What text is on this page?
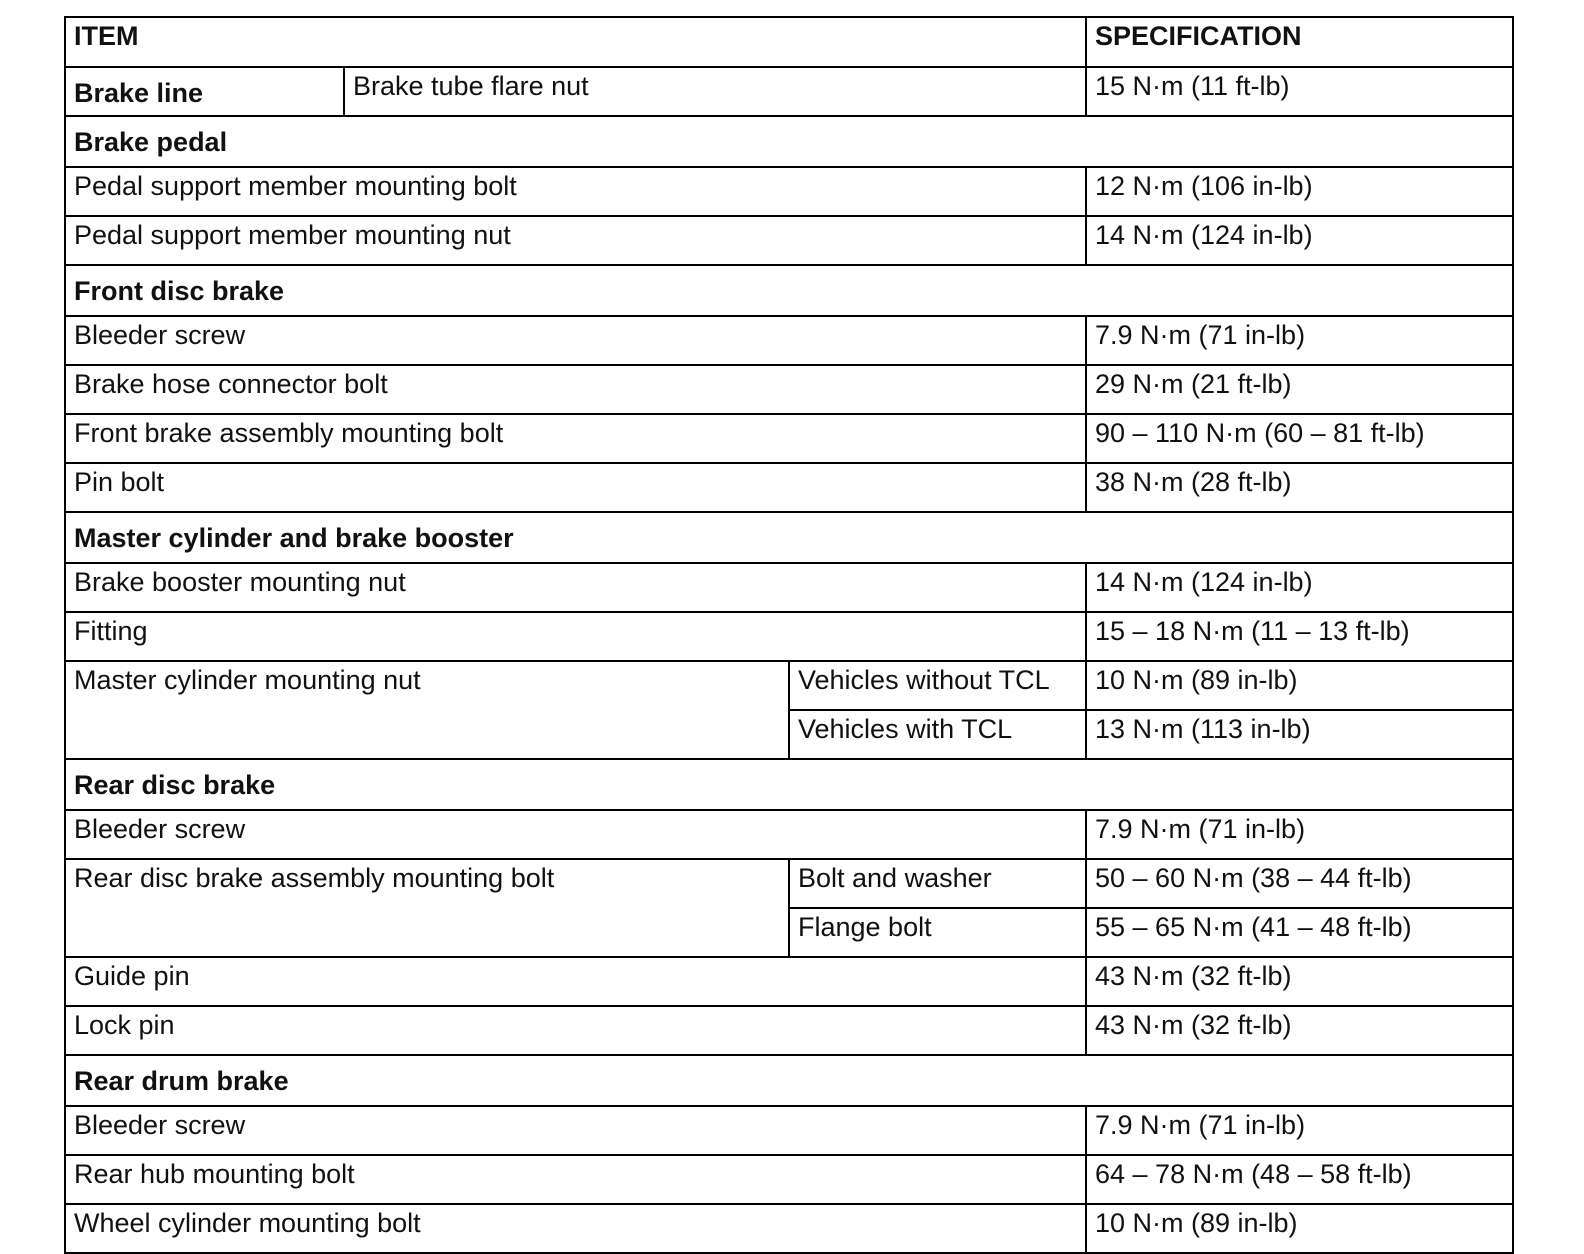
ITEM			SPECIFICATION
Brake line	Brake tube flare nut		15 N·m (11 ft-lb)
Brake pedal			
Pedal support member mounting bolt			12 N·m (106 in-lb)
Pedal support member mounting nut			14 N·m (124 in-lb)
Front disc brake			
Bleeder screw			7.9 N·m (71 in-lb)
Brake hose connector bolt			29 N·m (21 ft-lb)
Front brake assembly mounting bolt			90 – 110 N·m (60 – 81 ft-lb)
Pin bolt			38 N·m (28 ft-lb)
Master cylinder and brake booster			
Brake booster mounting nut			14 N·m (124 in-lb)
Fitting			15 – 18 N·m (11 – 13 ft-lb)
Master cylinder mounting nut		Vehicles without TCL	10 N·m (89 in-lb)
		Vehicles with TCL	13 N·m (113 in-lb)
Rear disc brake			
Bleeder screw			7.9 N·m (71 in-lb)
Rear disc brake assembly mounting bolt		Bolt and washer	50 – 60 N·m (38 – 44 ft-lb)
		Flange bolt	55 – 65 N·m (41 – 48 ft-lb)
Guide pin			43 N·m (32 ft-lb)
Lock pin			43 N·m (32 ft-lb)
Rear drum brake			
Bleeder screw			7.9 N·m (71 in-lb)
Rear hub mounting bolt			64 – 78 N·m (48 – 58 ft-lb)
Wheel cylinder mounting bolt			10 N·m (89 in-lb)
